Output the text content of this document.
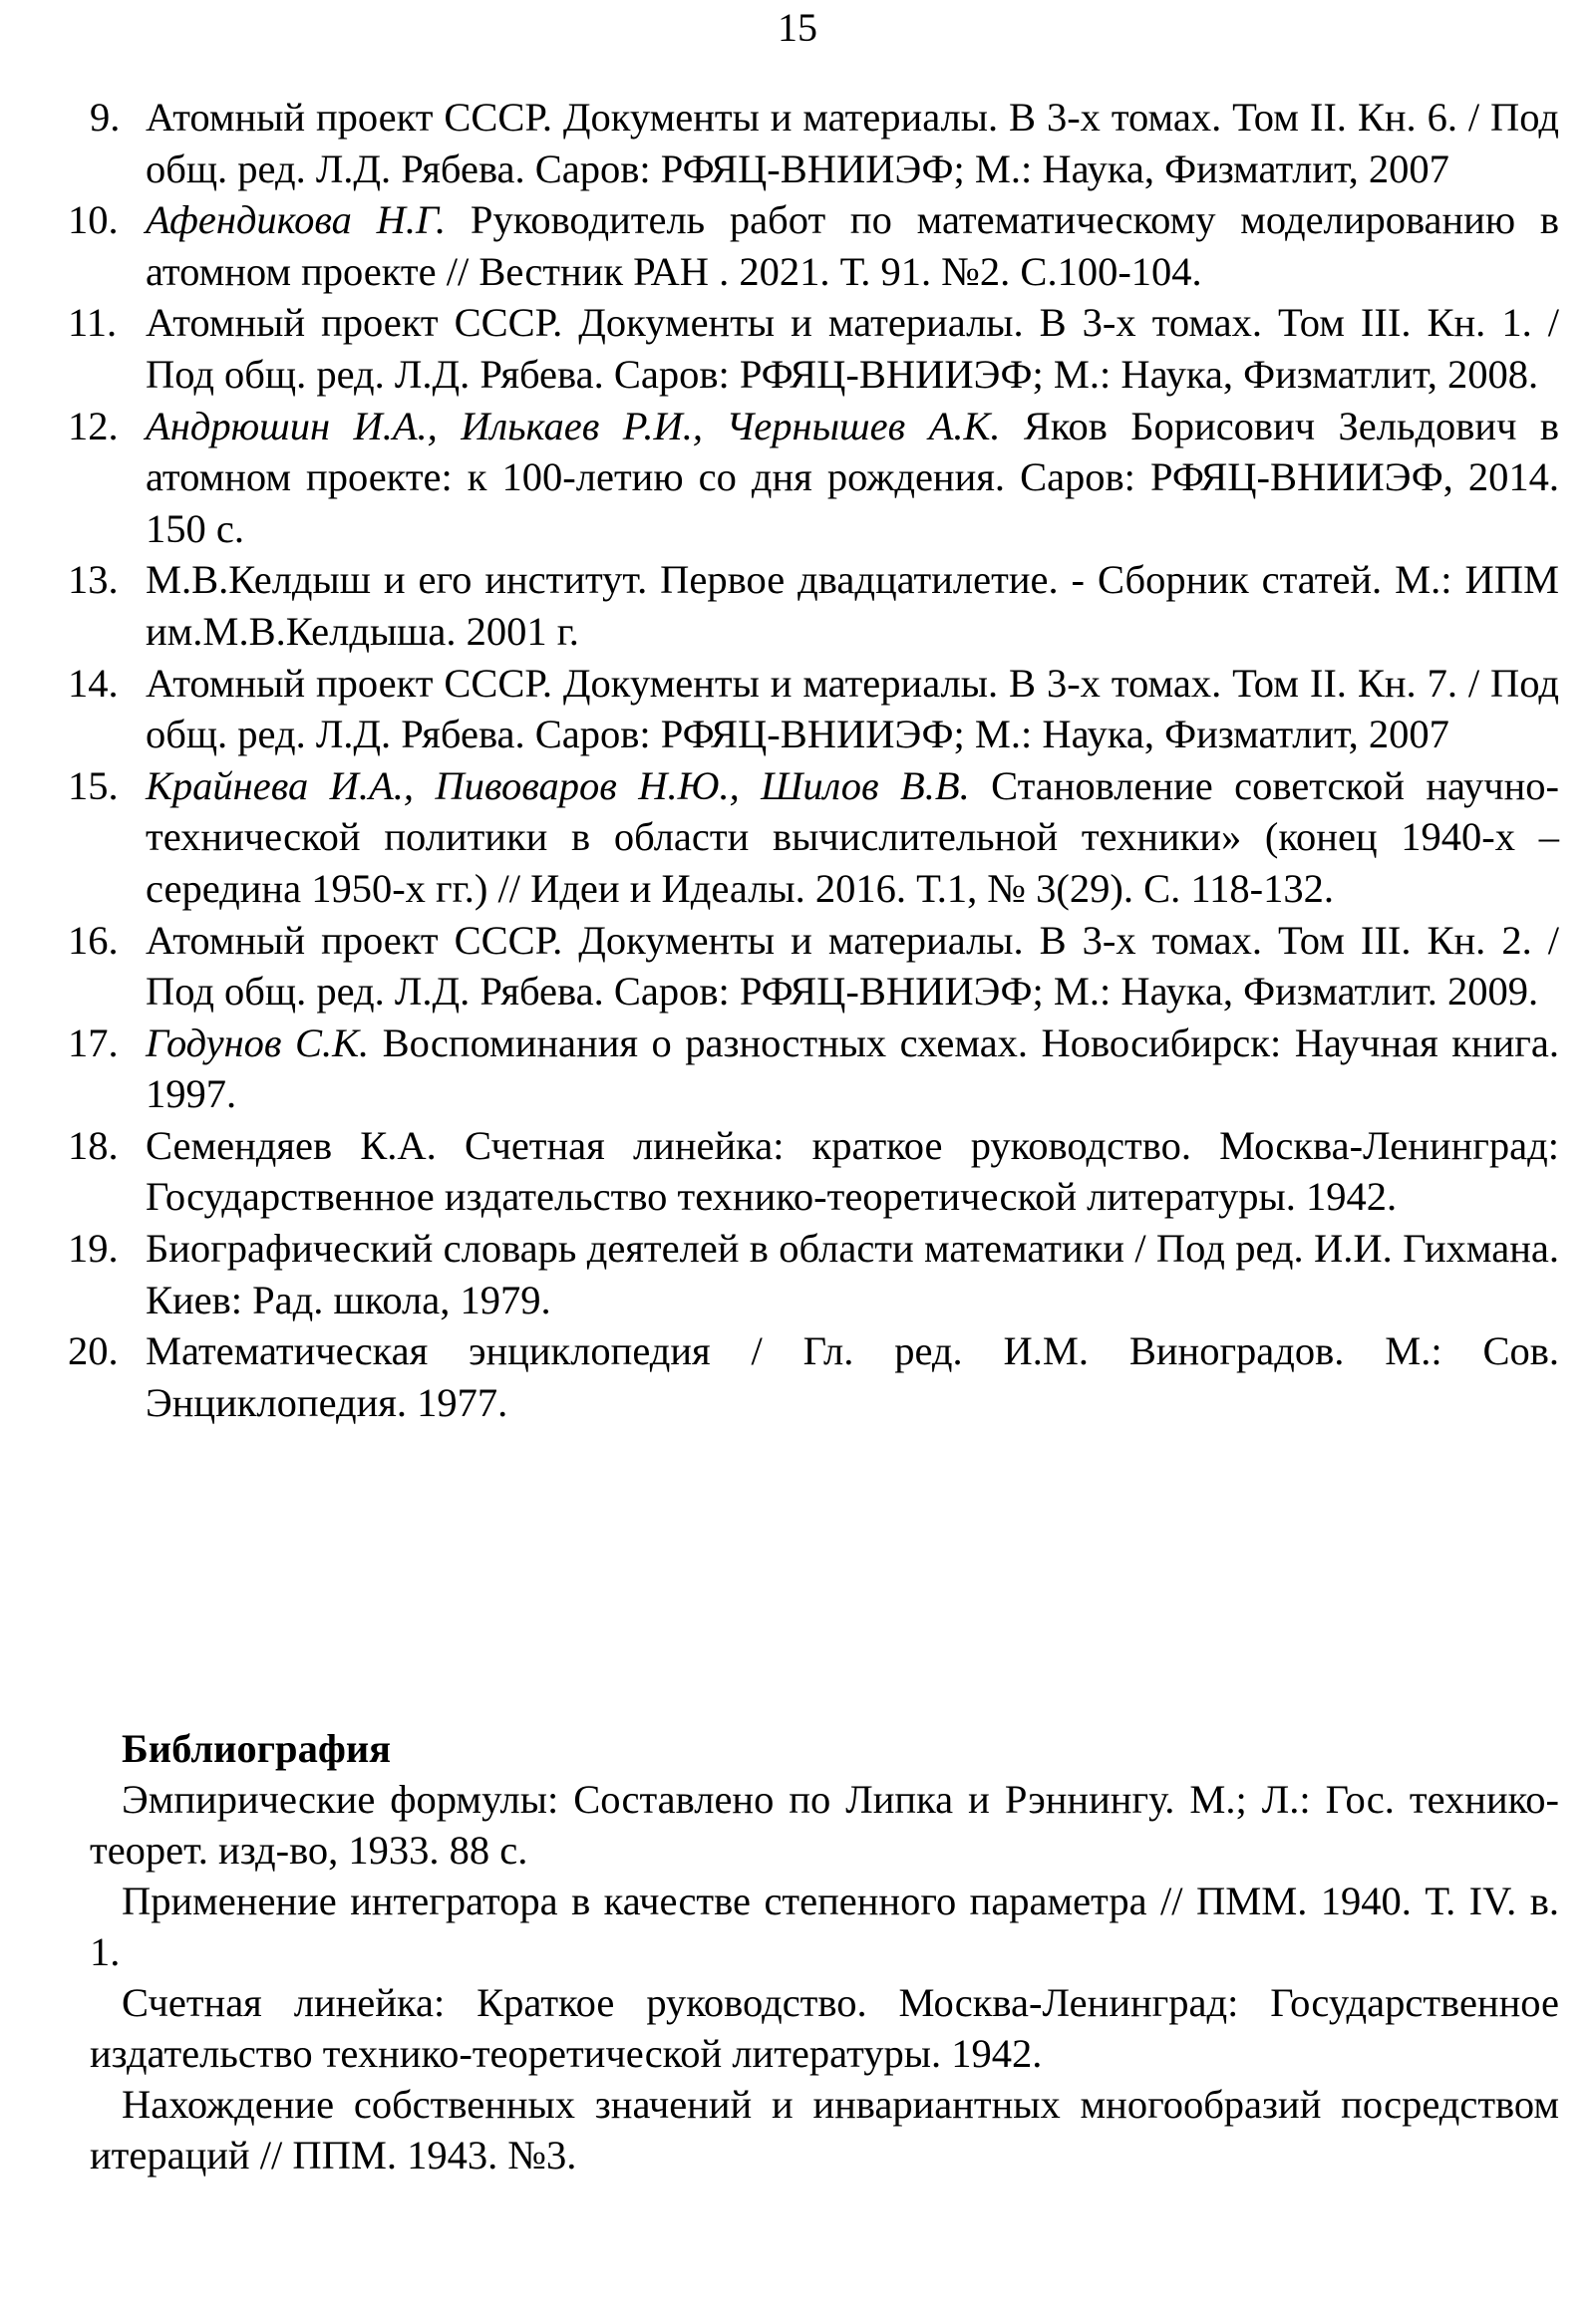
15
9. Атомный проект СССР. Документы и материалы. В 3-х томах. Том II. Кн. 6. / Под общ. ред. Л.Д. Рябева. Саров: РФЯЦ-ВНИИЭФ; М.: Наука, Физматлит, 2007
10. Афендикова Н.Г. Руководитель работ по математическому моделированию в атомном проекте // Вестник РАН . 2021. Т. 91. №2. С.100-104.
11. Атомный проект СССР. Документы и материалы. В 3-х томах. Том III. Кн. 1. / Под общ. ред. Л.Д. Рябева. Саров: РФЯЦ-ВНИИЭФ; М.: Наука, Физматлит, 2008.
12. Андрюшин И.А., Илькаев Р.И., Чернышев А.К. Яков Борисович Зельдович в атомном проекте: к 100-летию со дня рождения. Саров: РФЯЦ-ВНИИЭФ, 2014. 150 с.
13. М.В.Келдыш и его институт. Первое двадцатилетие. - Сборник статей. М.: ИПМ им.М.В.Келдыша. 2001 г.
14. Атомный проект СССР. Документы и материалы. В 3-х томах. Том II. Кн. 7. / Под общ. ред. Л.Д. Рябева. Саров: РФЯЦ-ВНИИЭФ; М.: Наука, Физматлит, 2007
15. Крайнева И.А., Пивоваров Н.Ю., Шилов В.В. Становление советской научно-технической политики в области вычислительной техники» (конец 1940-х – середина 1950-х гг.) // Идеи и Идеалы. 2016. Т.1, № 3(29). С. 118-132.
16. Атомный проект СССР. Документы и материалы. В 3-х томах. Том III. Кн. 2. / Под общ. ред. Л.Д. Рябева. Саров: РФЯЦ-ВНИИЭФ; М.: Наука, Физматлит. 2009.
17. Годунов С.К. Воспоминания о разностных схемах. Новосибирск: Научная книга. 1997.
18. Семендяев К.А. Счетная линейка: краткое руководство. Москва-Ленинград: Государственное издательство технико-теоретической литературы. 1942.
19. Биографический словарь деятелей в области математики / Под ред. И.И. Гихмана. Киев: Рад. школа, 1979.
20. Математическая энциклопедия / Гл. ред. И.М. Виноградов. М.: Сов. Энциклопедия. 1977.

Библиография

Эмпирические формулы: Составлено по Липка и Рэннингу. М.; Л.: Гос. технико-теорет. изд-во, 1933. 88 с.

Применение интегратора в качестве степенного параметра // ПММ. 1940. Т. IV. в. 1.

Счетная линейка: Краткое руководство. Москва-Ленинград: Государственное издательство технико-теоретической литературы. 1942.

Нахождение собственных значений и инвариантных многообразий посредством итераций // ППМ. 1943. №3.
